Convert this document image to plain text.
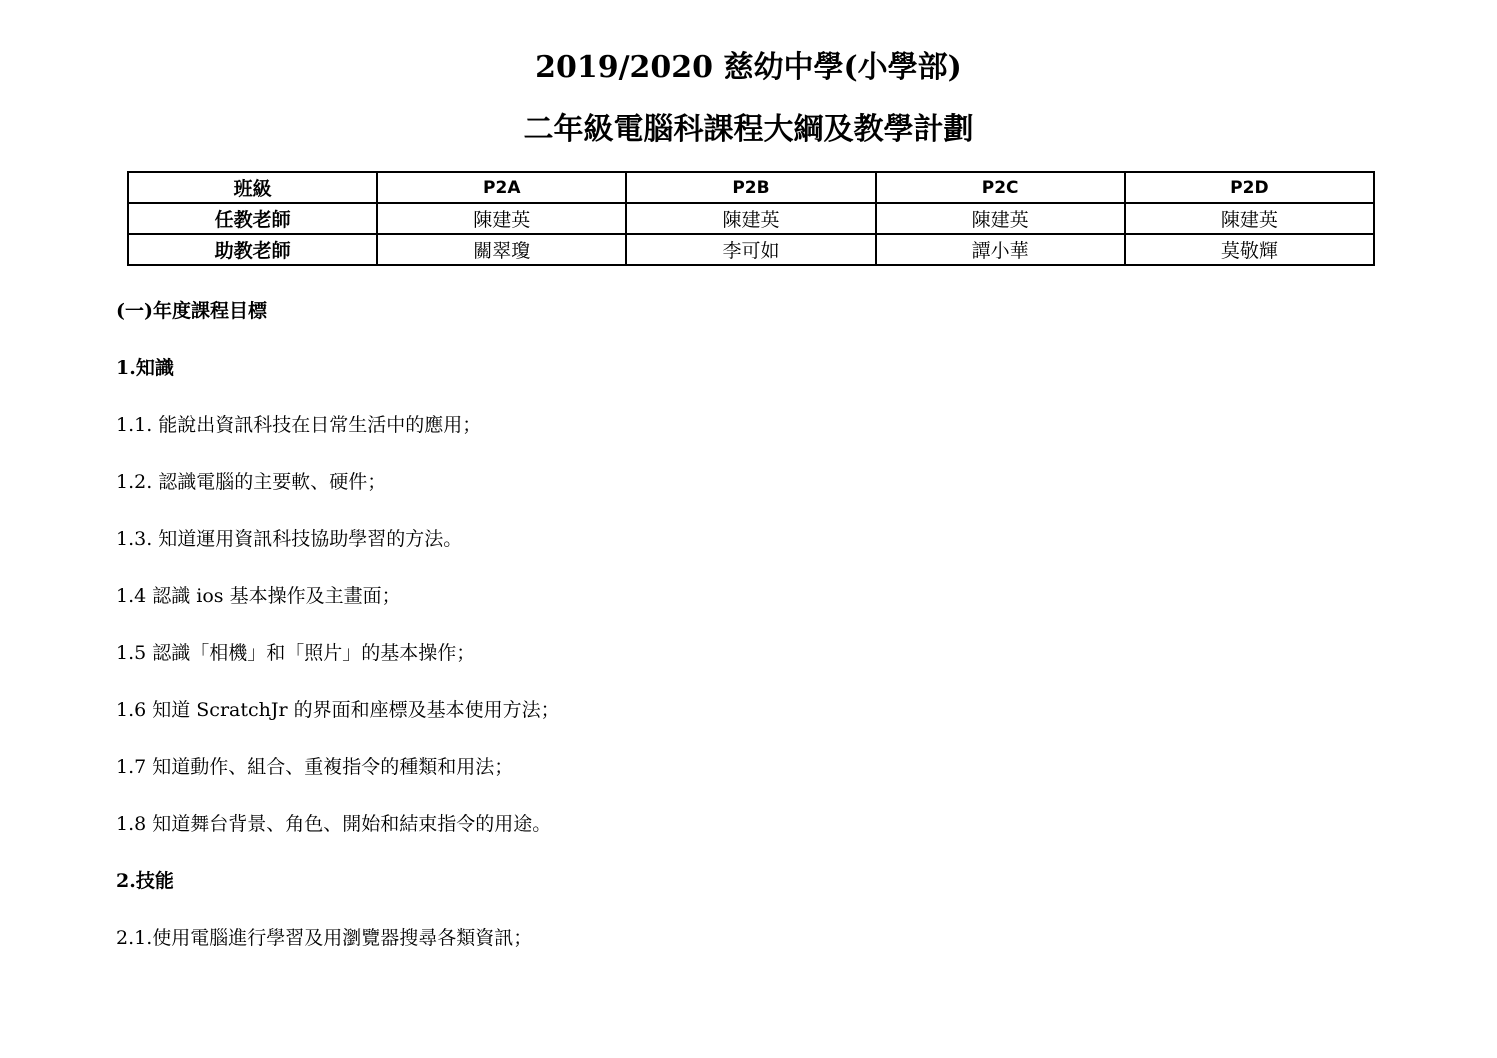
2019/2020 慈幼中學(小學部)
二年級電腦科課程大綱及教學計劃
班級	P2A	P2B	P2C	P2D
任教老師	陳建英	陳建英	陳建英	陳建英
助教老師	關翠瓊	李可如	譚小華	莫敬輝
(一)年度課程目標
1.知識
1.1. 能說出資訊科技在日常生活中的應用；
1.2. 認識電腦的主要軟、硬件；
1.3. 知道運用資訊科技協助學習的方法。
1.4 認識 ios 基本操作及主畫面；
1.5 認識「相機」和「照片」的基本操作；
1.6 知道 ScratchJr 的界面和座標及基本使用方法；
1.7 知道動作、組合、重複指令的種類和用法；
1.8 知道舞台背景、角色、開始和結束指令的用途。
2.技能
2.1.使用電腦進行學習及用瀏覽器搜尋各類資訊；
